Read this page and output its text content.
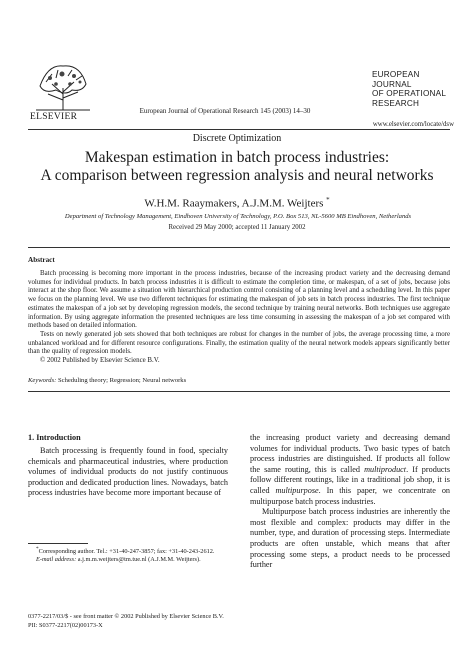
ELSEVIER
European Journal of Operational Research 145 (2003) 14–30
EUROPEAN
JOURNAL
OF OPERATIONAL
RESEARCH
www.elsevier.com/locate/dsw
Discrete Optimization
Makespan estimation in batch process industries:
A comparison between regression analysis and neural networks
W.H.M. Raaymakers, A.J.M.M. Weijters *
Department of Technology Management, Eindhoven University of Technology, P.O. Box 513, NL-5600 MB Eindhoven, Netherlands
Received 29 May 2000; accepted 11 January 2002
Abstract

Batch processing is becoming more important in the process industries, because of the increasing product variety and the decreasing demand volumes for individual products. In batch process industries it is difficult to estimate the completion time, or makespan, of a set of jobs, because jobs interact at the shop floor. We assume a situation with hierarchical production control consisting of a planning level and a scheduling level. In this paper we focus on the planning level. We use two different techniques for estimating the makespan of job sets in batch process industries. The first technique estimates the makespan of a job set by developing regression models, the second technique by training neural networks. Both techniques use aggregate information. By using aggregate information the presented techniques are less time consuming in assessing the makespan of a job set compared with methods based on detailed information.

Tests on newly generated job sets showed that both techniques are robust for changes in the number of jobs, the average processing time, a more unbalanced workload and for different resource configurations. Finally, the estimation quality of the neural network models appears significantly better than the quality of regression models.

© 2002 Published by Elsevier Science B.V.

Keywords: Scheduling theory; Regression; Neural networks
1. Introduction

Batch processing is frequently found in food, specialty chemicals and pharmaceutical industries, where production volumes of individual products do not justify continuous production and dedicated production lines. Nowadays, batch process industries have become more important because of

the increasing product variety and decreasing demand volumes for individual products. Two basic types of batch process industries are distinguished. If products all follow the same routing, this is called multiproduct. If products follow different routings, like in a traditional job shop, it is called multipurpose. In this paper, we concentrate on multipurpose batch process industries.

Multipurpose batch process industries are inherently the most flexible and complex: products may differ in the number, type, and duration of processing steps. Intermediate products are often unstable, which means that after processing some steps, a product needs to be processed further

*Corresponding author. Tel.: +31-40-247-3857; fax: +31-40-243-2612.

E-mail address: a.j.m.m.weijters@tm.tue.nl (A.J.M.M. Weijters).

0377-2217/03/$ - see front matter © 2002 Published by Elsevier Science B.V.
PII: S0377-2217(02)00173-X
